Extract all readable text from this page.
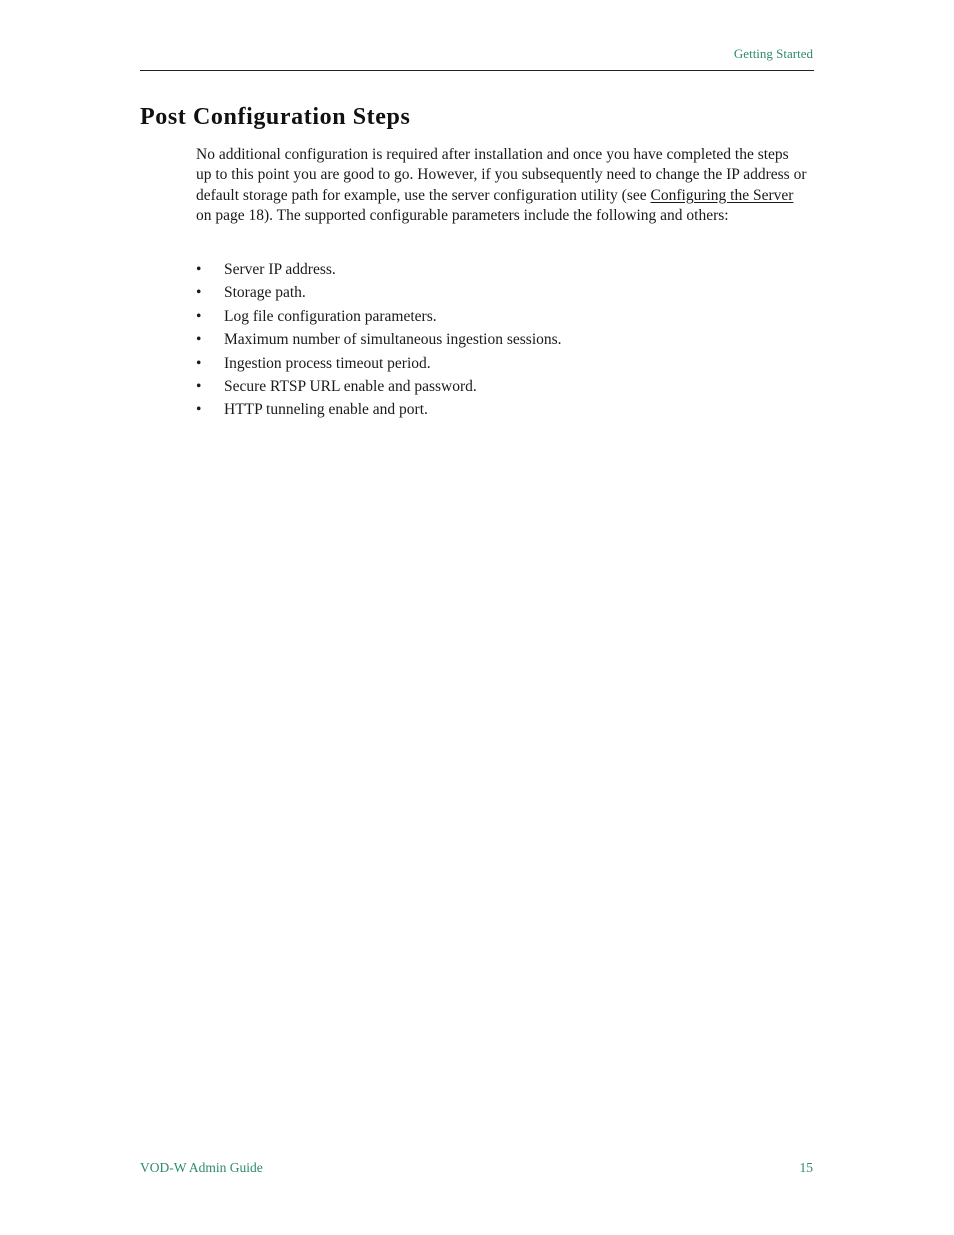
Getting Started
Post Configuration Steps

No additional configuration is required after installation and once you have completed the steps up to this point you are good to go. However, if you subsequently need to change the IP address or default storage path for example, use the server configuration utility (see Configuring the Server on page 18). The supported configurable parameters include the following and others:

• Server IP address.
• Storage path.
• Log file configuration parameters.
• Maximum number of simultaneous ingestion sessions.
• Ingestion process timeout period.
• Secure RTSP URL enable and password.
• HTTP tunneling enable and port.
VOD-W Admin Guide	15
